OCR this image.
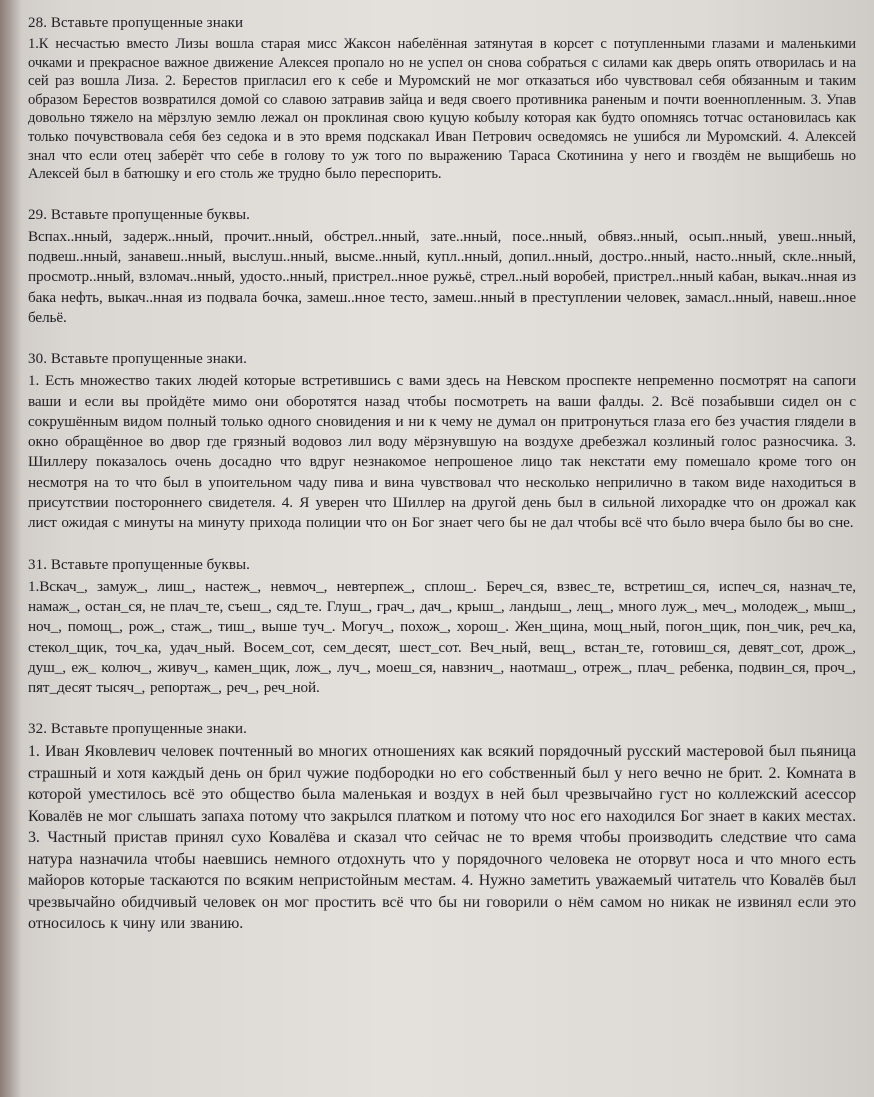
28. Вставьте пропущенные знаки

1.К несчастью вместо Лизы вошла старая мисс Жаксон набелённая затянутая в корсет с потупленными глазами и маленькими очками и прекрасное важное движение Алексея пропало но не успел он снова собраться с силами как дверь опять отворилась и на сей раз вошла Лиза. 2. Берестов пригласил его к себе и Муромский не мог отказаться ибо чувствовал себя обязанным и таким образом Берестов возвратился домой со славою затравив зайца и ведя своего противника раненым и почти военнопленным. 3. Упав довольно тяжело на мёрзлую землю лежал он проклиная свою куцую кобылу которая как будто опомнясь тотчас остановилась как только почувствовала себя без седока и в это время подскакал Иван Петрович осведомясь не ушибся ли Муромский. 4. Алексей знал что если отец заберёт что себе в голову то уж того по выражению Тараса Скотинина у него и гвоздём не выщибешь но Алексей был в батюшку и его столь же трудно было переспорить.

29. Вставьте пропущенные буквы.

Вспах..нный, задерж..нный, прочит..нный, обстрел..нный, зате..нный, посе..нный, обвяз..нный, осып..нный, увеш..нный, подвеш..нный, занавеш..нный, выслуш..нный, высме..нный, купл..нный, допил..нный, достро..нный, насто..нный, скле..нный, просмотр..нный, взломач..нный, удосто..нный, пристрел..нное ружьё, стрел..ный воробей, пристрел..нный кабан, выкач..нная из бака нефть, выкач..нная из подвала бочка, замеш..нное тесто, замеш..нный в преступлении человек, замасл..нный, навеш..нное бельё.

30. Вставьте пропущенные знаки.

1. Есть множество таких людей которые встретившись с вами здесь на Невском проспекте непременно посмотрят на сапоги ваши и если вы пройдёте мимо они оборотятся назад чтобы посмотреть на ваши фалды. 2. Всё позабывши сидел он с сокрушённым видом полный только одного сновидения и ни к чему не думал он притронуться глаза его без участия глядели в окно обращённое во двор где грязный водовоз лил воду мёрзнувшую на воздухе дребезжал козлиный голос разносчика. 3. Шиллеру показалось очень досадно что вдруг незнакомое непрошеное лицо так некстати ему помешало кроме того он несмотря на то что был в упоительном чаду пива и вина чувствовал что несколько неприлично в таком виде находиться в присутствии постороннего свидетеля. 4. Я уверен что Шиллер на другой день был в сильной лихорадке что он дрожал как лист ожидая с минуты на минуту прихода полиции что он Бог знает чего бы не дал чтобы всё что было вчера было бы во сне.

31. Вставьте пропущенные буквы.

1.Вскач_, замуж_, лиш_, настеж_, невмоч_, невтерпеж_, сплош_. Береч_ся, взвес_те, встретиш_ся, испеч_ся, назнач_те, намаж_, остан_ся, не плач_те, съеш_, сяд_те. Глуш_, грач_, дач_, крыш_, ландыш_, лещ_, много луж_, меч_, молодеж_, мыш_, ноч_, помощ_, рож_, стаж_, тиш_, выше туч_. Могуч_, похож_, хорош_. Жен_щина, мощ_ный, погон_щик, пон_чик, реч_ка, стекол_щик, точ_ка, удач_ный. Восем_сот, сем_десят, шест_сот. Веч_ный, вещ_, встан_те, готовиш_ся, девят_сот, дрож_, душ_, еж_ колюч_, живуч_, камен_щик, лож_, луч_, моеш_ся, навзнич_, наотмаш_, отреж_, плач_ ребенка, подвин_ся, проч_, пят_десят тысяч_, репортаж_, реч_, реч_ной.

32. Вставьте пропущенные знаки.

1. Иван Яковлевич человек почтенный во многих отношениях как всякий порядочный русский мастеровой был пьяница страшный и хотя каждый день он брил чужие подбородки но его собственный был у него вечно не брит. 2. Комната в которой уместилось всё это общество была маленькая и воздух в ней был чрезвычайно густ но коллежский асессор Ковалёв не мог слышать запаха потому что закрылся платком и потому что нос его находился Бог знает в каких местах. 3. Частный пристав принял сухо Ковалёва и сказал что сейчас не то время чтобы производить следствие что сама натура назначила чтобы наевшись немного отдохнуть что у порядочного человека не оторвут носа и что много есть майоров которые таскаются по всяким непристойным местам. 4. Нужно заметить уважаемый читатель что Ковалёв был чрезвычайно обидчивый человек он мог простить всё что бы ни говорили о нём самом но никак не извинял если это относилось к чину или званию.
